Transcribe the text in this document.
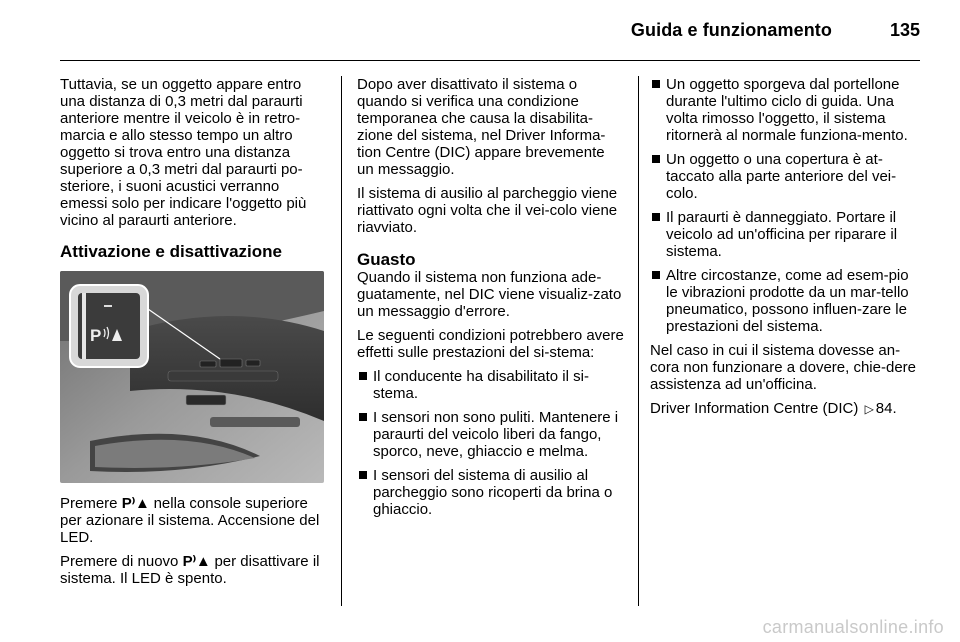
Guida e funzionamento	135

Tuttavia, se un oggetto appare entro una distanza di 0,3 metri dal paraurti anteriore mentre il veicolo è in retro-marcia e allo stesso tempo un altro oggetto si trova entro una distanza superiore a 0,3 metri dal paraurti po-steriore, i suoni acustici verranno emessi solo per indicare l'oggetto più vicino al paraurti anteriore.

Attivazione e disattivazione
P

Premere P⁾▲ nella console superiore per azionare il sistema. Accensione del LED.

Premere di nuovo P⁾▲ per disattivare il sistema. Il LED è spento.

Dopo aver disattivato il sistema o quando si verifica una condizione temporanea che causa la disabilita-zione del sistema, nel Driver Informa-tion Centre (DIC) appare brevemente un messaggio.

Il sistema di ausilio al parcheggio viene riattivato ogni volta che il vei-colo viene riavviato.

Guasto

Quando il sistema non funziona ade-guatamente, nel DIC viene visualiz-zato un messaggio d'errore.

Le seguenti condizioni potrebbero avere effetti sulle prestazioni del si-stema:

Il conducente ha disabilitato il si-stema.
I sensori non sono puliti. Mantenere i paraurti del veicolo liberi da fango, sporco, neve, ghiaccio e melma.
I sensori del sistema di ausilio al parcheggio sono ricoperti da brina o ghiaccio.
Un oggetto sporgeva dal portellone durante l'ultimo ciclo di guida. Una volta rimosso l'oggetto, il sistema ritornerà al normale funziona-mento.
Un oggetto o una copertura è at-taccato alla parte anteriore del vei-colo.
Il paraurti è danneggiato. Portare il veicolo ad un'officina per riparare il sistema.
Altre circostanze, come ad esem-pio le vibrazioni prodotte da un mar-tello pneumatico, possono influen-zare le prestazioni del sistema.

Nel caso in cui il sistema dovesse an-cora non funzionare a dovere, chie-dere assistenza ad un'officina.

Driver Information Centre (DIC) ▷ 84.

carmanualsonline.info
